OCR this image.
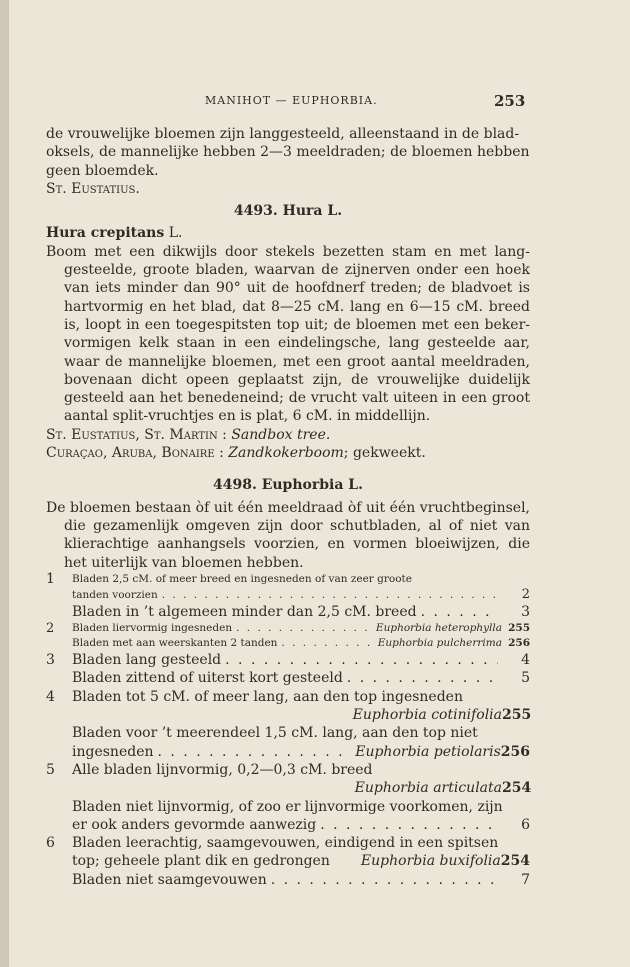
MANIHOT — EUPHORBIA.	253

de vrouwelijke bloemen zijn langgesteeld, alleenstaand in de blad-

oksels, de mannelijke hebben 2—3 meeldraden; de bloemen hebben

geen bloemdek.

St. Eustatius.

4493. Hura L.

Hura crepitans L.

Boom met een dikwijls door stekels bezetten stam en met lang-gesteelde, groote bladen, waarvan de zijnerven onder een hoek van iets minder dan 90° uit de hoofdnerf treden; de bladvoet is hartvormig en het blad, dat 8—25 cM. lang en 6—15 cM. breed is, loopt in een toegespitsten top uit; de bloemen met een beker-vormigen kelk staan in een eindelingsche, lang gesteelde aar, waar de mannelijke bloemen, met een groot aantal meeldraden, bovenaan dicht opeen geplaatst zijn, de vrouwelijke duidelijk gesteeld aan het benedeneind; de vrucht valt uiteen in een groot aantal split-vruchtjes en is plat, 6 cM. in middellijn.

St. Eustatius, St. Martin : Sandbox tree.

Curaçao, Aruba, Bonaire : Zandkokerboom; gekweekt.

4498. Euphorbia L.

De bloemen bestaan òf uit één meeldraad òf uit één vruchtbeginsel, die gezamenlijk omgeven zijn door schutbladen, al of niet van klierachtige aanhangsels voorzien, en vormen bloeiwijzen, die het uiterlijk van bloemen hebben.

1 Bladen 2,5 cM. of meer breed en ingesneden of van zeer groote
tanden voorzien . . .	2
Bladen in ’t algemeen minder dan 2,5 cM. breed . . .	3
2 Bladen liervormig ingesneden . . .	Euphorbia heterophylla 255
Bladen met aan weerskanten 2 tanden . . .	Euphorbia pulcherrima 256
3 Bladen lang gesteeld . . .	4
Bladen zittend of uiterst kort gesteeld . . .	5
4 Bladen tot 5 cM. of meer lang, aan den top ingesneden
Euphorbia cotinifolia 255
Bladen voor ’t meerendeel 1,5 cM. lang, aan den top niet
ingesneden . . .	Euphorbia petiolaris 256
5 Alle bladen lijnvormig, 0,2—0,3 cM. breed
Euphorbia articulata 254
Bladen niet lijnvormig, of zoo er lijnvormige voorkomen, zijn
er ook anders gevormde aanwezig . . .	6
6 Bladen leerachtig, saamgevouwen, eindigend in een spitsen
top; geheele plant dik en gedrongen Euphorbia buxifolia 254
Bladen niet saamgevouwen . . .	7
